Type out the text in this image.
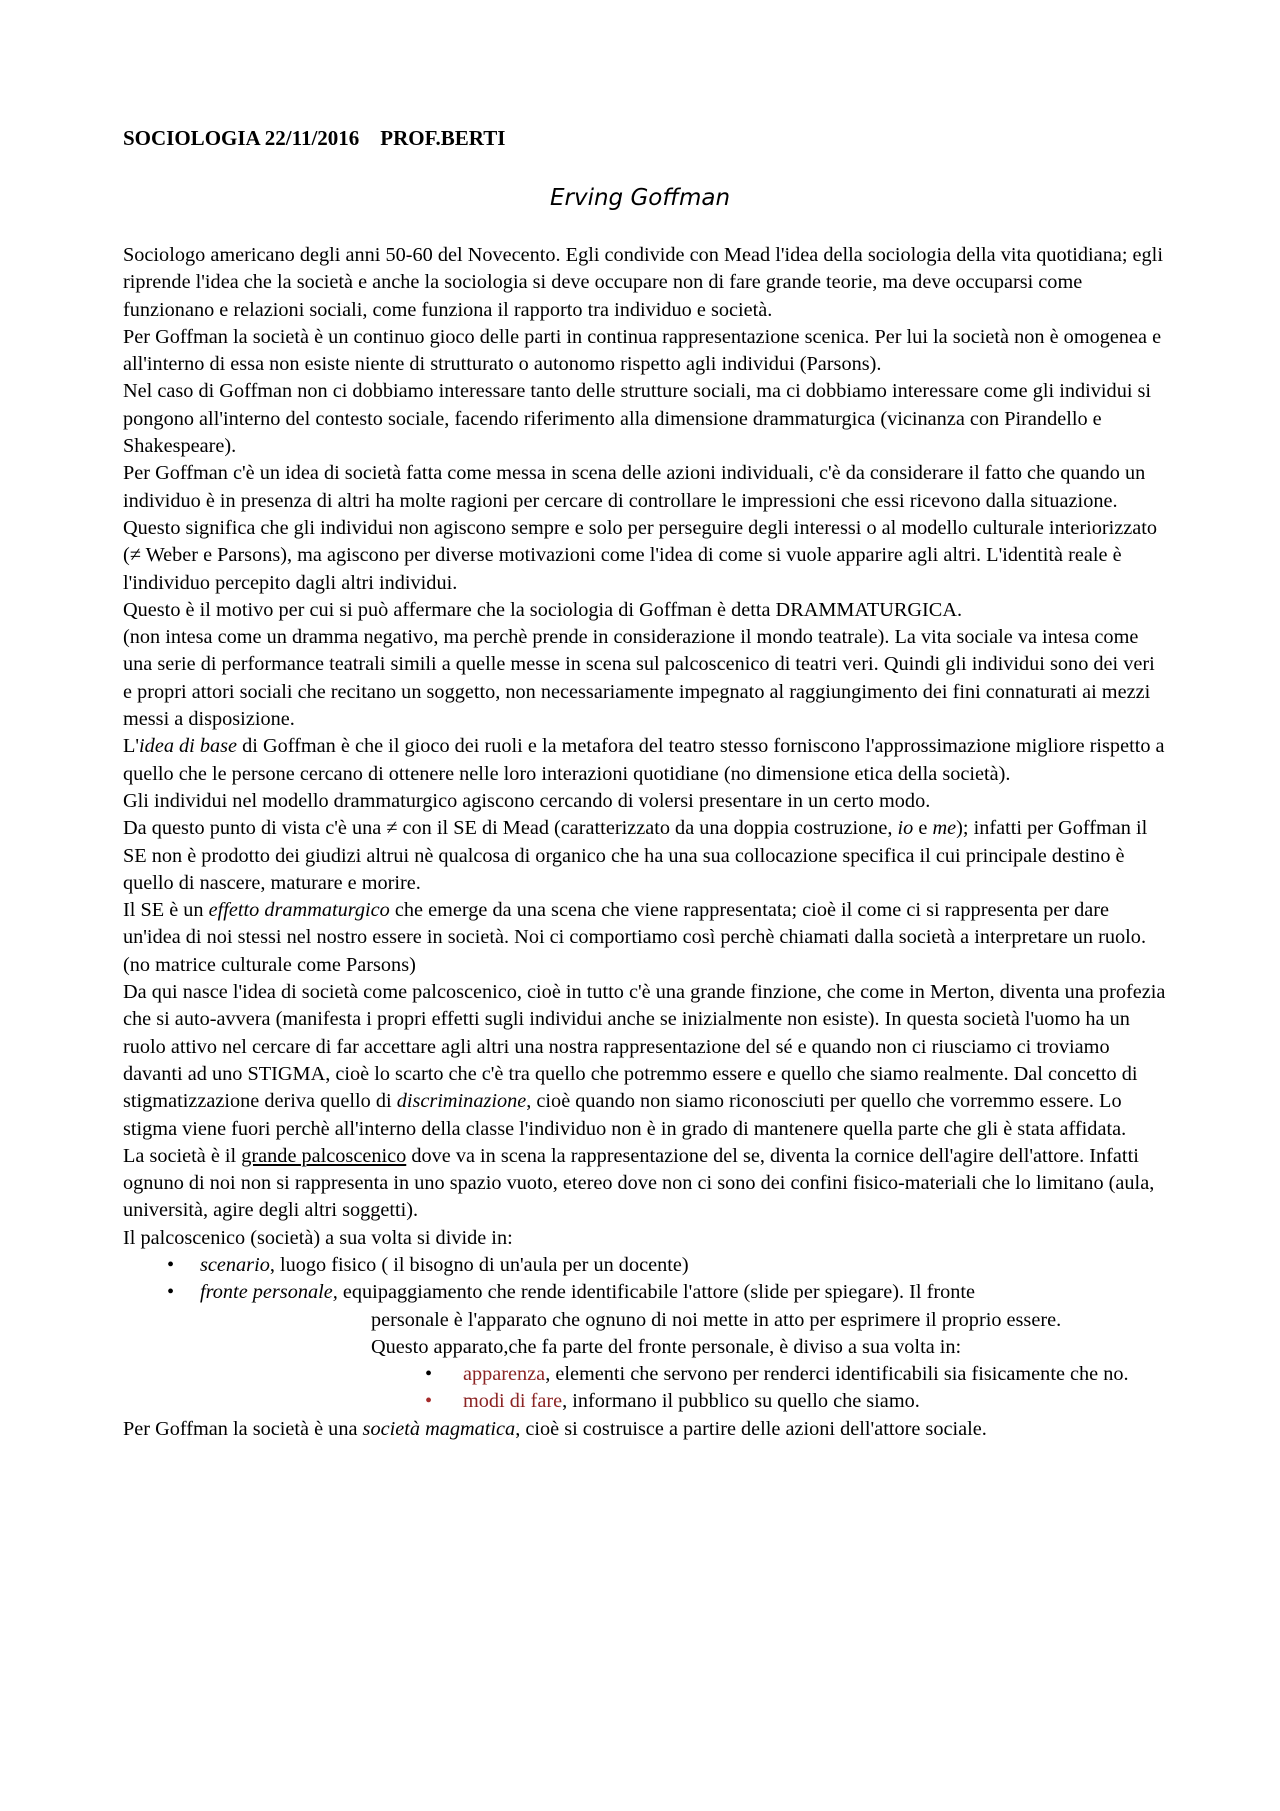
SOCIOLOGIA 22/11/2016    PROF.BERTI
Erving Goffman

Sociologo americano degli anni 50-60 del Novecento. Egli condivide con Mead l'idea della sociologia della vita quotidiana; egli riprende l'idea che la società e anche la sociologia si deve occupare non di fare grande teorie, ma deve occuparsi come funzionano e relazioni sociali, come funziona il rapporto tra individuo e società.

Per Goffman la società è un continuo gioco delle parti in continua rappresentazione scenica. Per lui la società non è omogenea e all'interno di essa non esiste niente di strutturato o autonomo rispetto agli individui (Parsons).

Nel caso di Goffman non ci dobbiamo interessare tanto delle strutture sociali, ma ci dobbiamo interessare come gli individui si pongono all'interno del contesto sociale, facendo riferimento alla dimensione drammaturgica (vicinanza con Pirandello e Shakespeare).

Per Goffman c'è un idea di società fatta come messa in scena delle azioni individuali, c'è da considerare il fatto che quando un individuo è in presenza di altri ha molte ragioni per cercare di controllare le impressioni che essi ricevono dalla situazione. Questo significa che gli individui non agiscono sempre e solo per perseguire degli interessi o al modello culturale interiorizzato (≠ Weber e Parsons), ma agiscono per diverse motivazioni come l'idea di come si vuole apparire agli altri. L'identità reale è l'individuo percepito dagli altri individui.

Questo è il motivo per cui si può affermare che la sociologia di Goffman è detta DRAMMATURGICA.

(non intesa come un dramma negativo, ma perchè prende in considerazione il mondo teatrale). La vita sociale va intesa come una serie di performance teatrali simili a quelle messe in scena sul palcoscenico di teatri veri. Quindi gli individui sono dei veri e propri attori sociali che recitano un soggetto, non necessariamente impegnato al raggiungimento dei fini connaturati ai mezzi messi a disposizione.

L'idea di base di Goffman è che il gioco dei ruoli e la metafora del teatro stesso forniscono l'approssimazione migliore rispetto a quello che le persone cercano di ottenere nelle loro interazioni quotidiane (no dimensione etica della società).

Gli individui nel modello drammaturgico agiscono cercando di volersi presentare in un certo modo.

Da questo punto di vista c'è una ≠ con il SE di Mead (caratterizzato da una doppia costruzione, io e me); infatti per Goffman il SE non è prodotto dei giudizi altrui nè qualcosa di organico che ha una sua collocazione specifica il cui principale destino è quello di nascere, maturare e morire.

Il SE è un effetto drammaturgico che emerge da una scena che viene rappresentata; cioè il come ci si rappresenta per dare un'idea di noi stessi nel nostro essere in società. Noi ci comportiamo così perchè chiamati dalla società a interpretare un ruolo. (no matrice culturale come Parsons)

Da qui nasce l'idea di società come palcoscenico, cioè in tutto c'è una grande finzione, che come in Merton, diventa una profezia che si auto-avvera (manifesta i propri effetti sugli individui anche se inizialmente non esiste). In questa società l'uomo ha un ruolo attivo nel cercare di far accettare agli altri una nostra rappresentazione del sé e quando non ci riusciamo ci troviamo davanti ad uno STIGMA, cioè lo scarto che c'è tra quello che potremmo essere e quello che siamo realmente. Dal concetto di stigmatizzazione deriva quello di discriminazione, cioè quando non siamo riconosciuti per quello che vorremmo essere. Lo stigma viene fuori perchè all'interno della classe l'individuo non è in grado di mantenere quella parte che gli è stata affidata.

La società è il grande palcoscenico dove va in scena la rappresentazione del se, diventa la cornice dell'agire dell'attore. Infatti ognuno di noi non si rappresenta in uno spazio vuoto, etereo dove non ci sono dei confini fisico-materiali che lo limitano (aula, università, agire degli altri soggetti).

Il palcoscenico (società) a sua volta si divide in:

• scenario, luogo fisico ( il bisogno di un'aula per un docente)

• fronte personale, equipaggiamento che rende identificabile l'attore (slide per spiegare). Il fronte

personale è l'apparato che ognuno di noi mette in atto per esprimere il proprio essere.

Questo apparato,che fa parte del fronte personale, è diviso a sua volta in:

• apparenza, elementi che servono per renderci identificabili sia fisicamente che no.

• modi di fare, informano il pubblico su quello che siamo.

Per Goffman la società è una società magmatica, cioè si costruisce a partire delle azioni dell'attore sociale.
